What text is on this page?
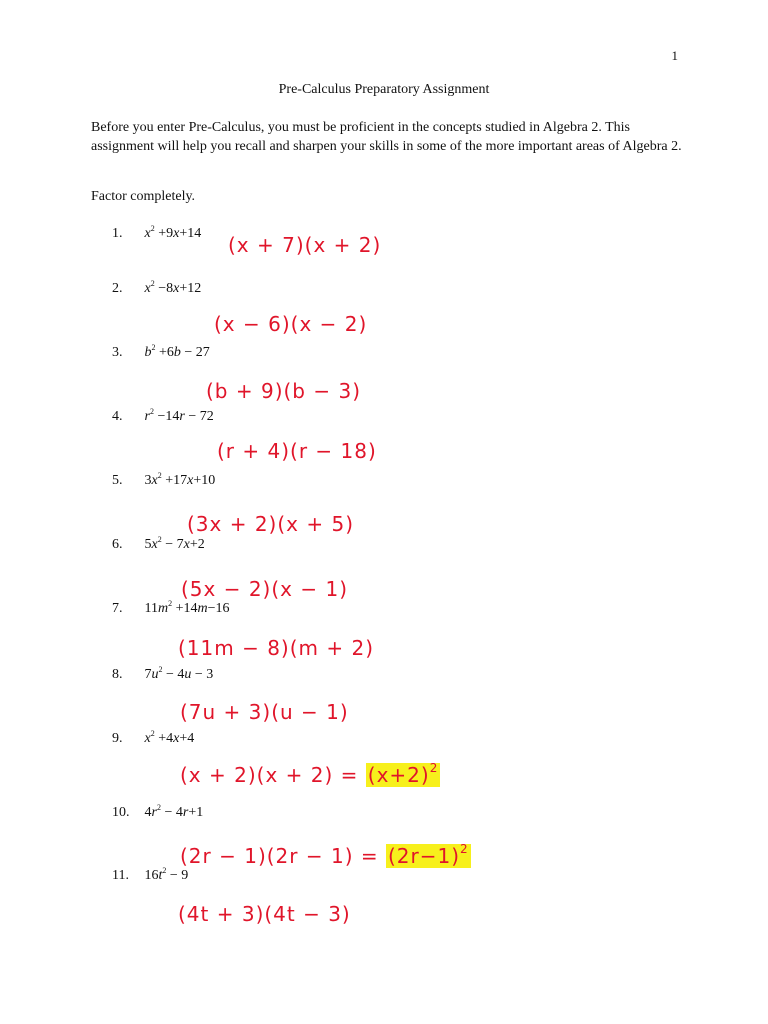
1
Pre-Calculus Preparatory Assignment
Before you enter Pre-Calculus, you must be proficient in the concepts studied in Algebra 2. This assignment will help you recall and sharpen your skills in some of the more important areas of Algebra 2.
Factor completely.
1. $x^2 +9x+14$ (x + 7)(x + 2)
2. $x^2 -8x+12$
(x − 6)(x − 2)
3. $b^2 +6b - 27$
(b + 9)(b − 3)
4. $r^2 -14r - 72$
(r + 4)(r − 18)
5. $3x^2 +17x+10$
(3x + 2)(x + 5)
6. $5x^2 - 7x+2$
(5x − 2)(x − 1)
7. $11m^2 +14m-16$
(11m − 8)(m + 2)
8. $7u^2 - 4u - 3$
(7u + 3)(u − 1)
9. $x^2 +4x+4$
$(x + 2)(x + 2) = (x+2)^2$
10. $4r^2 - 4r+1$
$(2r - 1)(2r - 1) = (2r-1)^2$
11. $16t^2 - 9$
(4t + 3)(4t − 3)
